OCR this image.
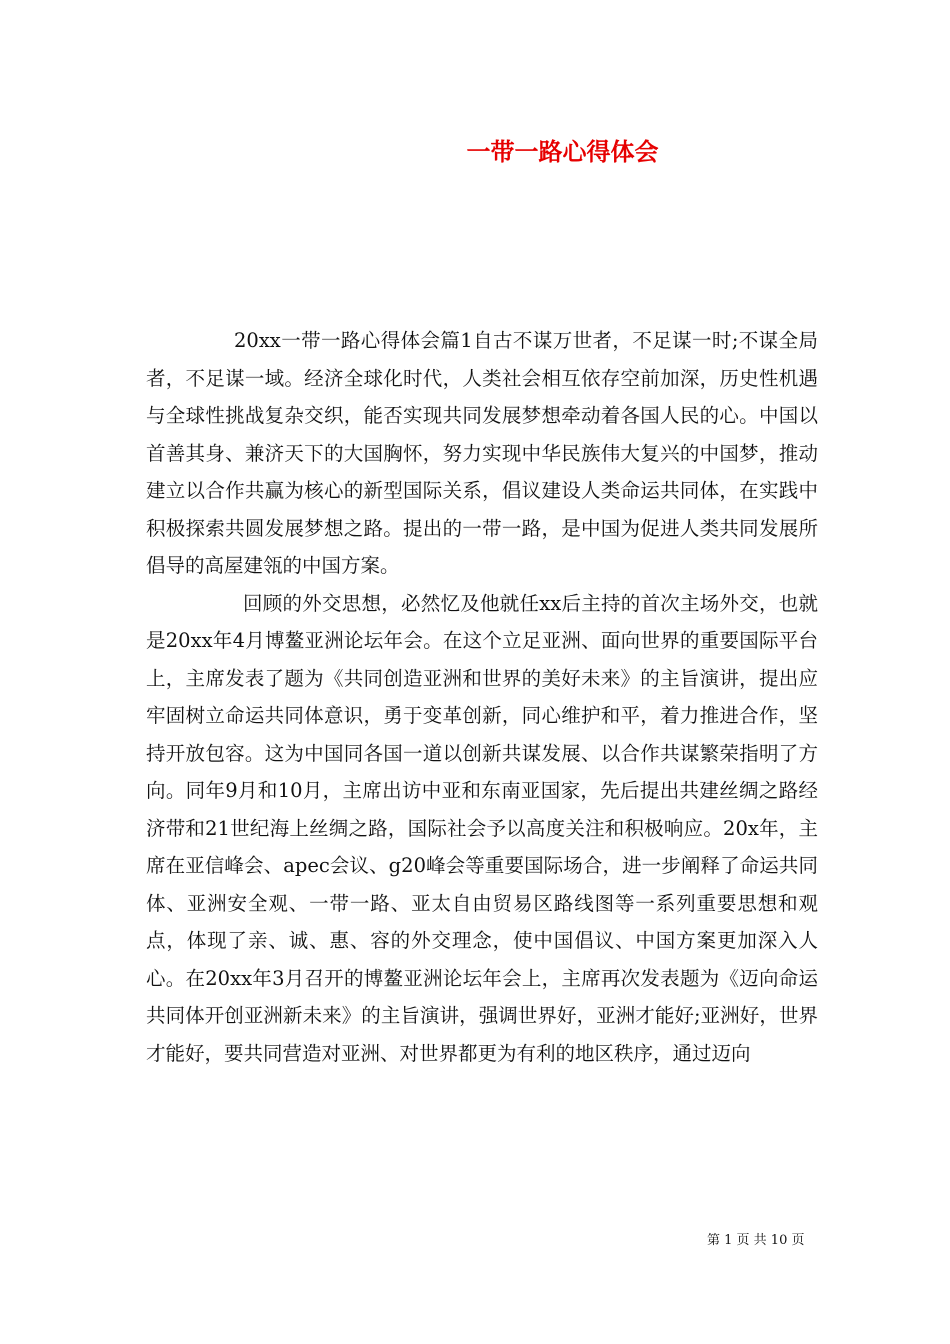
一带一路心得体会

20xx一带一路心得体会篇1自古不谋万世者，不足谋一时;不谋全局者，不足谋一域。经济全球化时代，人类社会相互依存空前加深，历史性机遇与全球性挑战复杂交织，能否实现共同发展梦想牵动着各国人民的心。中国以首善其身、兼济天下的大国胸怀，努力实现中华民族伟大复兴的中国梦，推动建立以合作共赢为核心的新型国际关系，倡议建设人类命运共同体，在实践中积极探索共圆发展梦想之路。提出的一带一路，是中国为促进人类共同发展所倡导的高屋建瓴的中国方案。

回顾的外交思想，必然忆及他就任xx后主持的首次主场外交，也就是20xx年4月博鳌亚洲论坛年会。在这个立足亚洲、面向世界的重要国际平台上，主席发表了题为《共同创造亚洲和世界的美好未来》的主旨演讲，提出应牢固树立命运共同体意识，勇于变革创新，同心维护和平，着力推进合作，坚持开放包容。这为中国同各国一道以创新共谋发展、以合作共谋繁荣指明了方向。同年9月和10月，主席出访中亚和东南亚国家，先后提出共建丝绸之路经济带和21世纪海上丝绸之路，国际社会予以高度关注和积极响应。20x年，主席在亚信峰会、apec会议、g20峰会等重要国际场合，进一步阐释了命运共同体、亚洲安全观、一带一路、亚太自由贸易区路线图等一系列重要思想和观点，体现了亲、诚、惠、容的外交理念，使中国倡议、中国方案更加深入人心。在20xx年3月召开的博鳌亚洲论坛年会上，主席再次发表题为《迈向命运共同体开创亚洲新未来》的主旨演讲，强调世界好，亚洲才能好;亚洲好，世界才能好，要共同营造对亚洲、对世界都更为有利的地区秩序，通过迈向

第 1 页 共 10 页
